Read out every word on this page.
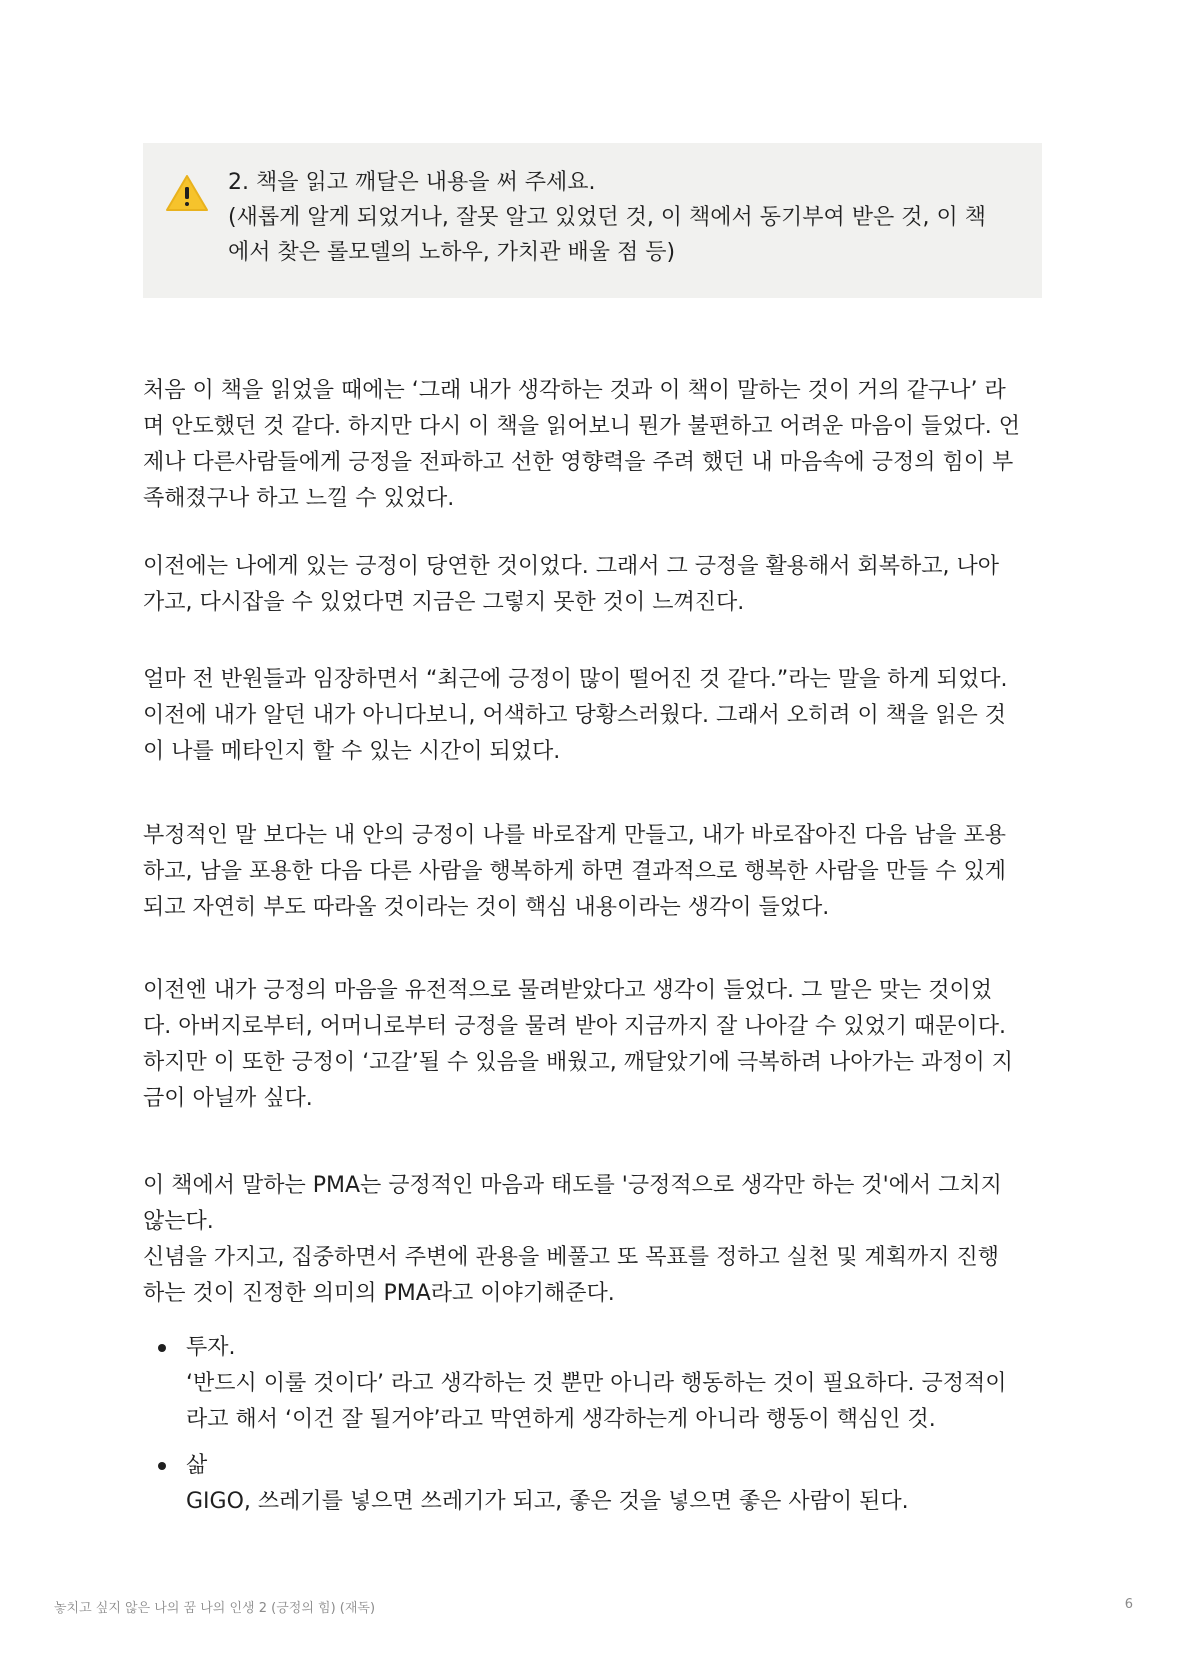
2. 책을 읽고 깨달은 내용을 써 주세요.
(새롭게 알게 되었거나, 잘못 알고 있었던 것, 이 책에서 동기부여 받은 것, 이 책
에서 찾은 롤모델의 노하우, 가치관 배울 점 등)
처음 이 책을 읽었을 때에는 ‘그래 내가 생각하는 것과 이 책이 말하는 것이 거의 같구나’ 라
며 안도했던 것 같다. 하지만 다시 이 책을 읽어보니 뭔가 불편하고 어려운 마음이 들었다. 언
제나 다른사람들에게 긍정을 전파하고 선한 영향력을 주려 했던 내 마음속에 긍정의 힘이 부
족해졌구나 하고 느낄 수 있었다.
이전에는 나에게 있는 긍정이 당연한 것이었다. 그래서 그 긍정을 활용해서 회복하고, 나아
가고, 다시잡을 수 있었다면 지금은 그렇지 못한 것이 느껴진다.
얼마 전 반원들과 임장하면서 “최근에 긍정이 많이 떨어진 것 같다.”라는 말을 하게 되었다.
이전에 내가 알던 내가 아니다보니, 어색하고 당황스러웠다. 그래서 오히려 이 책을 읽은 것
이 나를 메타인지 할 수 있는 시간이 되었다.
부정적인 말 보다는 내 안의 긍정이 나를 바로잡게 만들고, 내가 바로잡아진 다음 남을 포용
하고, 남을 포용한 다음 다른 사람을 행복하게 하면 결과적으로 행복한 사람을 만들 수 있게
되고 자연히 부도 따라올 것이라는 것이 핵심 내용이라는 생각이 들었다.
이전엔 내가 긍정의 마음을 유전적으로 물려받았다고 생각이 들었다. 그 말은 맞는 것이었
다. 아버지로부터, 어머니로부터 긍정을 물려 받아 지금까지 잘 나아갈 수 있었기 때문이다.
하지만 이 또한 긍정이 ‘고갈’될 수 있음을 배웠고, 깨달았기에 극복하려 나아가는 과정이 지
금이 아닐까 싶다.
이 책에서 말하는 PMA는 긍정적인 마음과 태도를 '긍정적으로 생각만 하는 것'에서 그치지
않는다.
신념을 가지고, 집중하면서 주변에 관용을 베풀고 또 목표를 정하고 실천 및 계획까지 진행
하는 것이 진정한 의미의 PMA라고 이야기해준다.
투자.
‘반드시 이룰 것이다’ 라고 생각하는 것 뿐만 아니라 행동하는 것이 필요하다. 긍정적이
라고 해서 ‘이건 잘 될거야’라고 막연하게 생각하는게 아니라 행동이 핵심인 것.
삶
GIGO, 쓰레기를 넣으면 쓰레기가 되고, 좋은 것을 넣으면 좋은 사람이 된다.
놓치고 싶지 않은 나의 꿈 나의 인생 2 (긍정의 힘) (재독)	6
